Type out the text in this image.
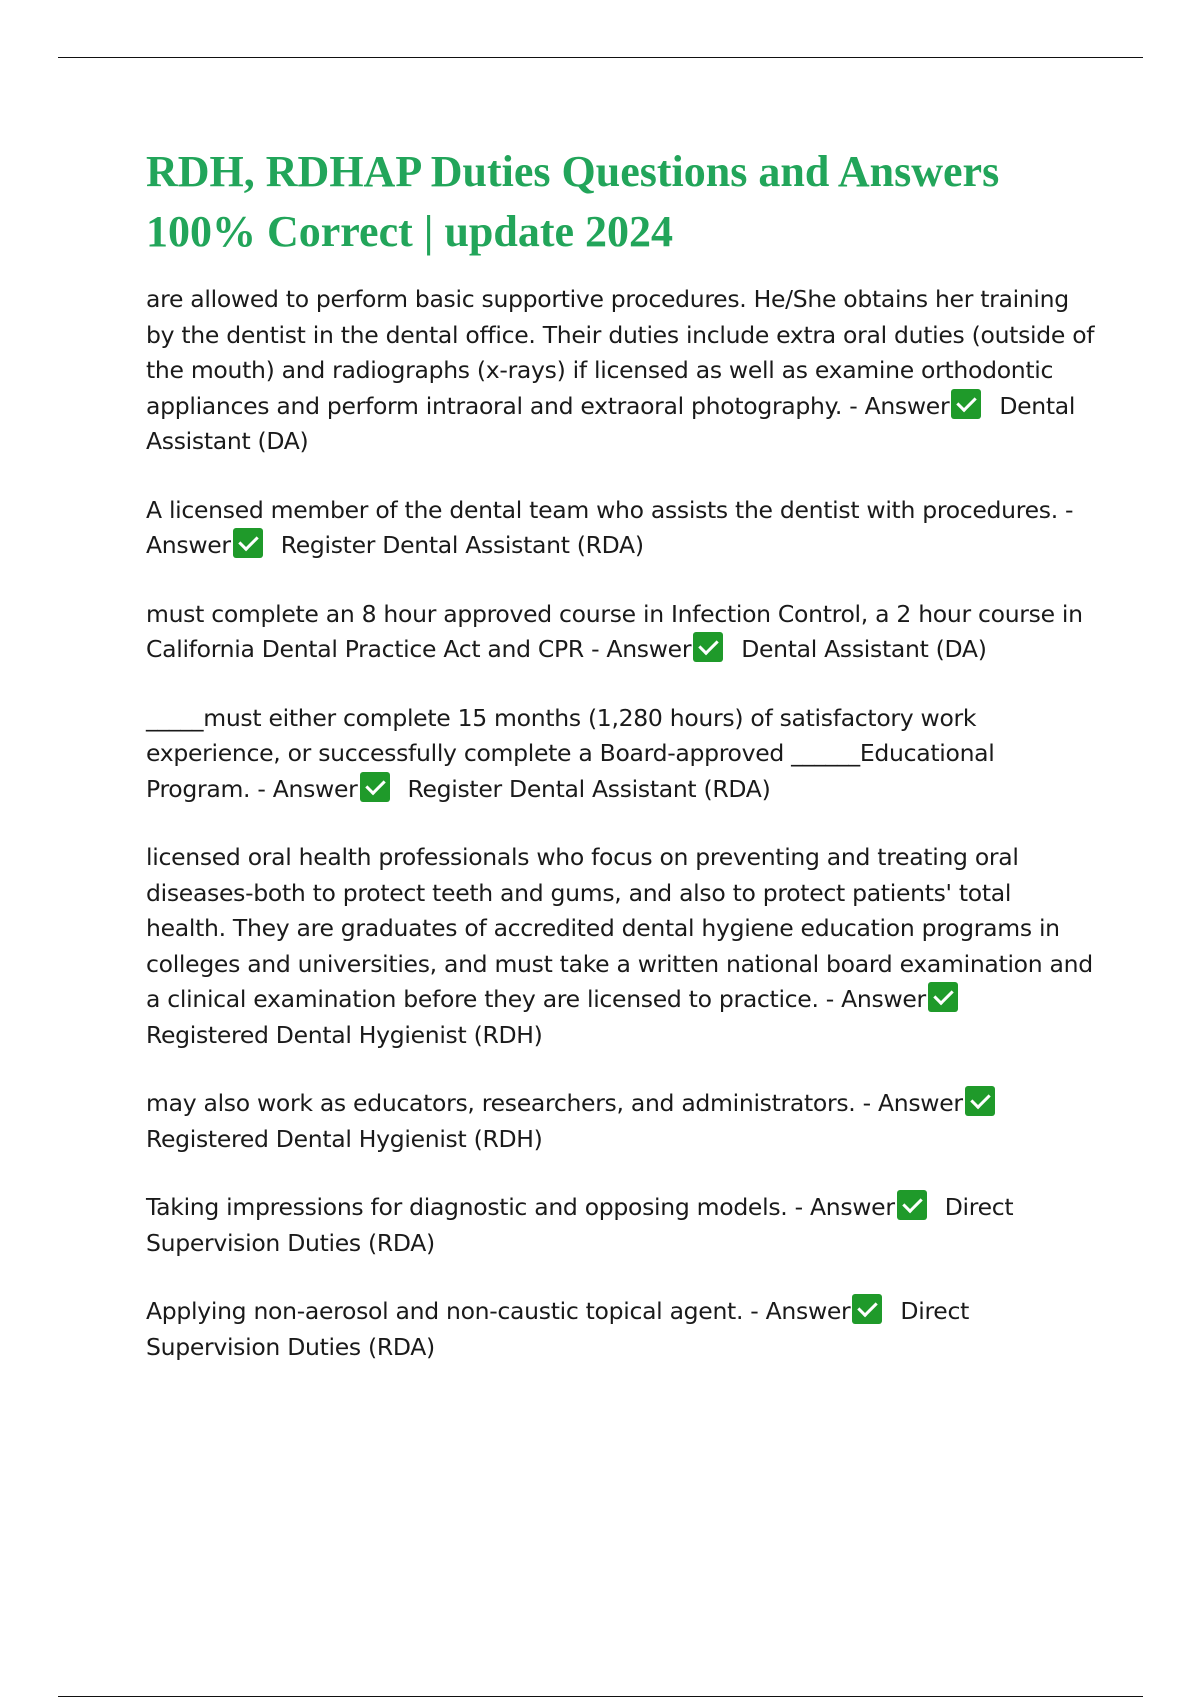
RDH, RDHAP Duties Questions and Answers 100% Correct | update 2024
are allowed to perform basic supportive procedures. He/She obtains her training by the dentist in the dental office. Their duties include extra oral duties (outside of the mouth) and radiographs (x-rays) if licensed as well as examine orthodontic appliances and perform intraoral and extraoral photography. - Answer Dental Assistant (DA)
A licensed member of the dental team who assists the dentist with procedures. - Answer Register Dental Assistant (RDA)
must complete an 8 hour approved course in Infection Control, a 2 hour course in California Dental Practice Act and CPR - Answer Dental Assistant (DA)
_____must either complete 15 months (1,280 hours) of satisfactory work experience, or successfully complete a Board-approved ______Educational Program. - Answer Register Dental Assistant (RDA)
licensed oral health professionals who focus on preventing and treating oral diseases-both to protect teeth and gums, and also to protect patients' total health. They are graduates of accredited dental hygiene education programs in colleges and universities, and must take a written national board examination and a clinical examination before they are licensed to practice. - AnswerRegistered Dental Hygienist (RDH)
may also work as educators, researchers, and administrators. - AnswerRegistered Dental Hygienist (RDH)
Taking impressions for diagnostic and opposing models. - Answer Direct Supervision Duties (RDA)
Applying non-aerosol and non-caustic topical agent. - Answer Direct Supervision Duties (RDA)
